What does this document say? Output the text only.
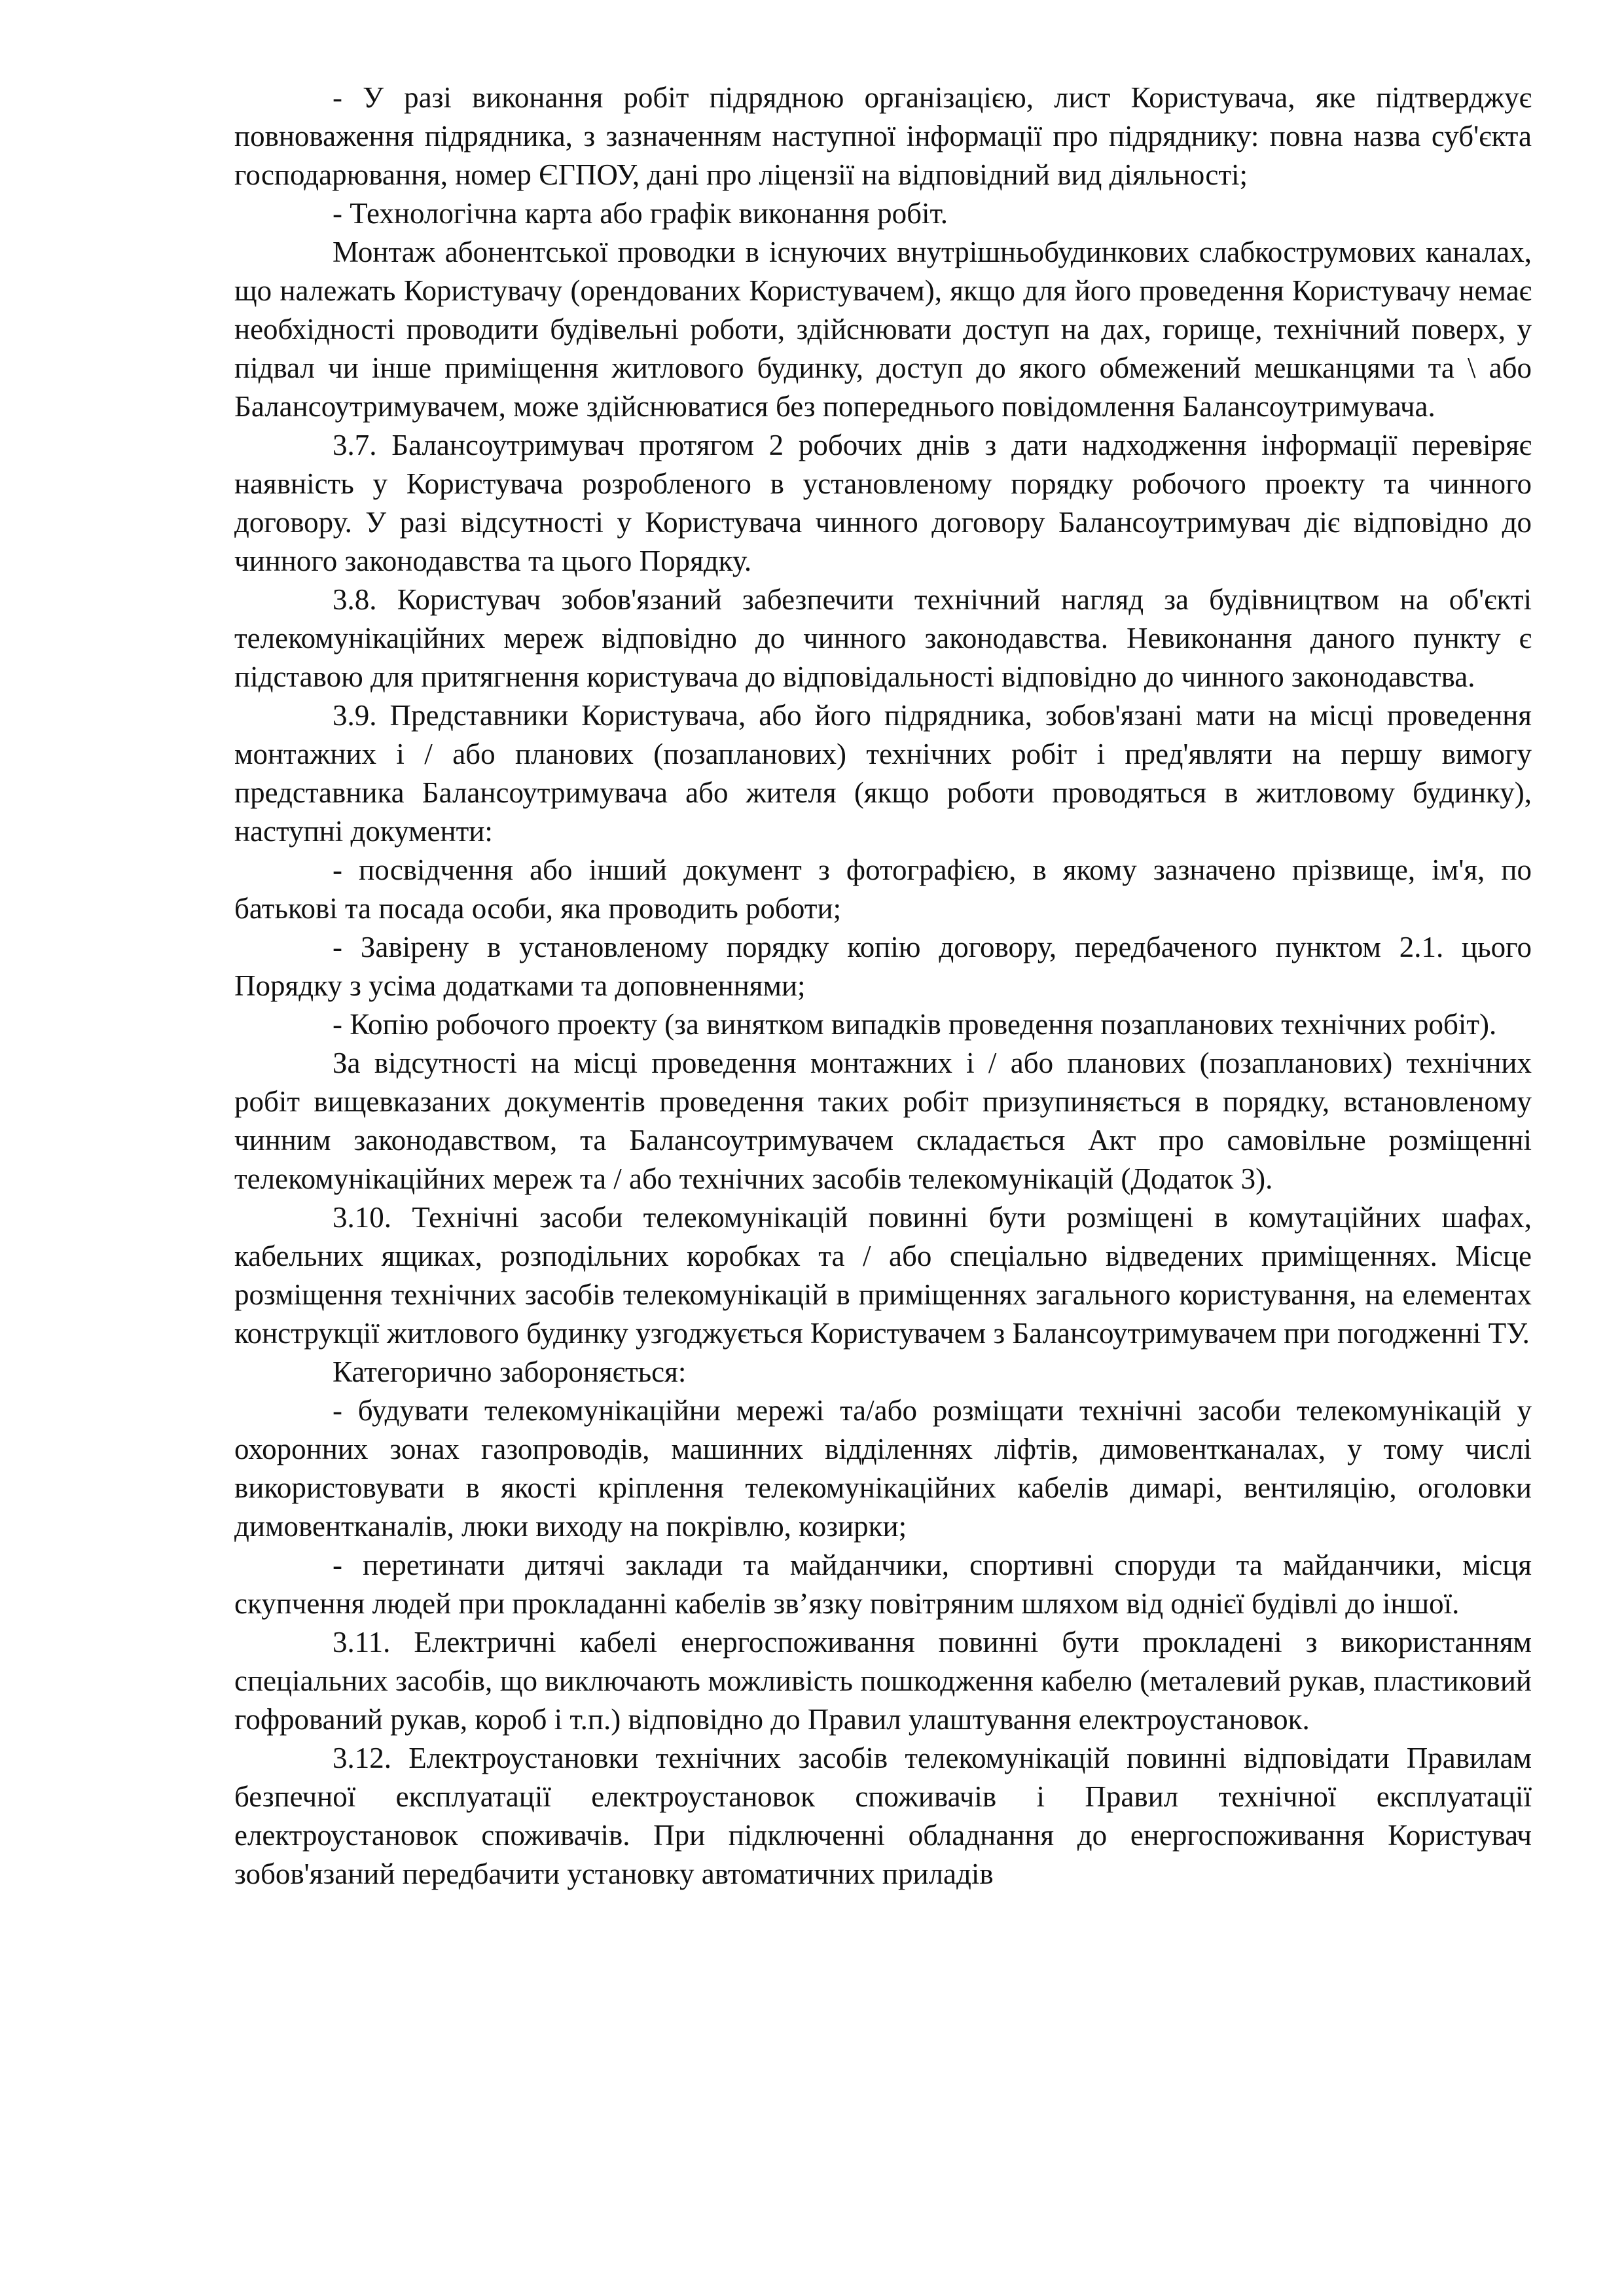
- У разі виконання робіт підрядною організацією, лист Користувача, яке підтверджує повноваження підрядника, з зазначенням наступної інформації про підряднику: повна назва суб'єкта господарювання, номер ЄГПОУ, дані про ліцензії на відповідний вид діяльності;

- Технологічна карта або графік виконання робіт.

Монтаж абонентської проводки в існуючих внутрішньобудинкових слабкострумових каналах, що належать Користувачу (орендованих Користувачем), якщо для його проведення Користувачу немає необхідності проводити будівельні роботи, здійснювати доступ на дах, горище, технічний поверх, у підвал чи інше приміщення житлового будинку, доступ до якого обмежений мешканцями та \ або Балансоутримувачем, може здійснюватися без попереднього повідомлення Балансоутримувача.

3.7. Балансоутримувач протягом 2 робочих днів з дати надходження інформації перевіряє наявність у Користувача розробленого в установленому порядку робочого проекту та чинного договору. У разі відсутності у Користувача чинного договору Балансоутримувач діє відповідно до чинного законодавства та цього Порядку.

3.8. Користувач зобов'язаний забезпечити технічний нагляд за будівництвом на об'єкті телекомунікаційних мереж відповідно до чинного законодавства. Невиконання даного пункту є підставою для притягнення користувача до відповідальності відповідно до чинного законодавства.

3.9. Представники Користувача, або його підрядника, зобов'язані мати на місці проведення монтажних і / або планових (позапланових) технічних робіт і пред'являти на першу вимогу представника Балансоутримувача або жителя (якщо роботи проводяться в житловому будинку), наступні документи:

- посвідчення або інший документ з фотографією, в якому зазначено прізвище, ім'я, по батькові та посада особи, яка проводить роботи;

- Завірену в установленому порядку копію договору, передбаченого пунктом 2.1. цього Порядку з усіма додатками та доповненнями;

- Копію робочого проекту (за винятком випадків проведення позапланових технічних робіт).

За відсутності на місці проведення монтажних і / або планових (позапланових) технічних робіт вищевказаних документів проведення таких робіт призупиняється в порядку, встановленому чинним законодавством, та Балансоутримувачем складається Акт про самовільне розміщенні телекомунікаційних мереж та / або технічних засобів телекомунікацій (Додаток 3).

3.10. Технічні засоби телекомунікацій повинні бути розміщені в комутаційних шафах, кабельних ящиках, розподільних коробках та / або спеціально відведених приміщеннях. Місце розміщення технічних засобів телекомунікацій в приміщеннях загального користування, на елементах конструкції житлового будинку узгоджується Користувачем з Балансоутримувачем при погодженні ТУ.

Категорично забороняється:

- будувати телекомунікаційни мережі та/або розміщати технічні засоби телекомунікацій у охоронних зонах газопроводів, машинних відділеннях ліфтів, димовентканалах, у тому числі використовувати в якості кріплення телекомунікаційних кабелів димарі, вентиляцію, оголовки димовентканалів, люки виходу на покрівлю, козирки;

- перетинати дитячі заклади та майданчики, спортивні споруди та майданчики, місця скупчення людей при прокладанні кабелів зв’язку повітряним шляхом від однієї будівлі до іншої.

3.11. Електричні кабелі енергоспоживання повинні бути прокладені з використанням спеціальних засобів, що виключають можливість пошкодження кабелю (металевий рукав, пластиковий гофрований рукав, короб і т.п.) відповідно до Правил улаштування електроустановок.

3.12. Електроустановки технічних засобів телекомунікацій повинні відповідати Правилам безпечної експлуатації електроустановок споживачів і Правил технічної експлуатації електроустановок споживачів. При підключенні обладнання до енергоспоживання Користувач зобов'язаний передбачити установку автоматичних приладів
